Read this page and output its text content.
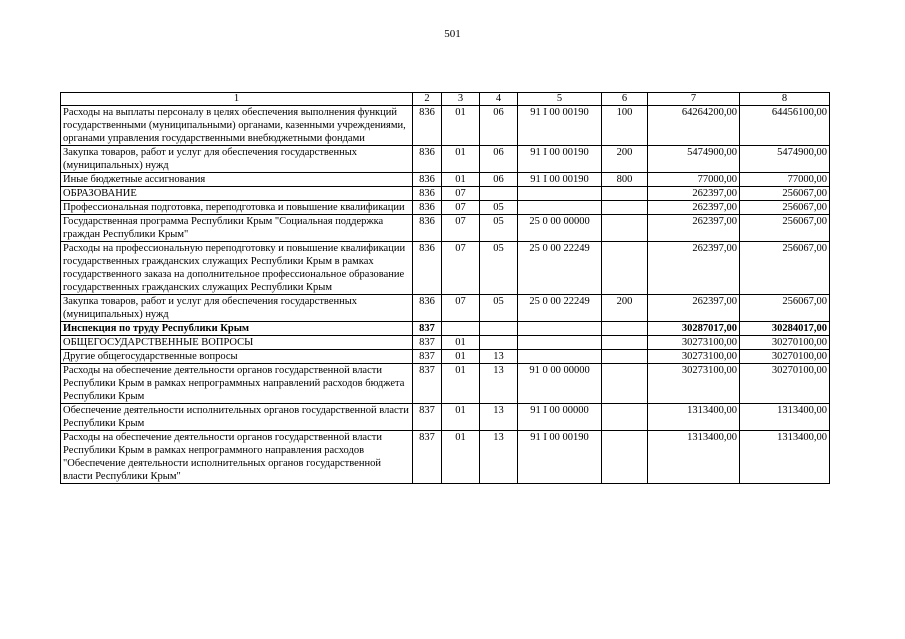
501
1	2	3	4	5	6	7	8
Расходы на выплаты персоналу в целях обеспечения выполнения функций государственными (муниципальными) органами, казенными учреждениями, органами управления государственными внебюджетными фондами	836	01	06	91 I 00 00190	100	64264200,00	64456100,00
Закупка товаров, работ и услуг для обеспечения государственных (муниципальных) нужд	836	01	06	91 I 00 00190	200	5474900,00	5474900,00
Иные бюджетные ассигнования	836	01	06	91 I 00 00190	800	77000,00	77000,00
ОБРАЗОВАНИЕ	836	07				262397,00	256067,00
Профессиональная подготовка, переподготовка и повышение квалификации	836	07	05			262397,00	256067,00
Государственная программа Республики Крым "Социальная поддержка граждан Республики Крым"	836	07	05	25 0 00 00000		262397,00	256067,00
Расходы на профессиональную переподготовку и повышение квалификации государственных гражданских служащих Республики Крым в рамках государственного заказа на дополнительное профессиональное образование государственных гражданских служащих Республики Крым	836	07	05	25 0 00 22249		262397,00	256067,00
Закупка товаров, работ и услуг для обеспечения государственных (муниципальных) нужд	836	07	05	25 0 00 22249	200	262397,00	256067,00
Инспекция по труду Республики Крым	837					30287017,00	30284017,00
ОБЩЕГОСУДАРСТВЕННЫЕ ВОПРОСЫ	837	01				30273100,00	30270100,00
Другие общегосударственные вопросы	837	01	13			30273100,00	30270100,00
Расходы на обеспечение деятельности органов государственной власти Республики Крым в рамках непрограммных направлений расходов бюджета Республики Крым	837	01	13	91 0 00 00000		30273100,00	30270100,00
Обеспечение деятельности исполнительных органов государственной власти Республики Крым	837	01	13	91 I 00 00000		1313400,00	1313400,00
Расходы на обеспечение деятельности органов государственной власти Республики Крым в рамках непрограммного направления расходов "Обеспечение деятельности исполнительных органов государственной власти Республики Крым"	837	01	13	91 I 00 00190		1313400,00	1313400,00
